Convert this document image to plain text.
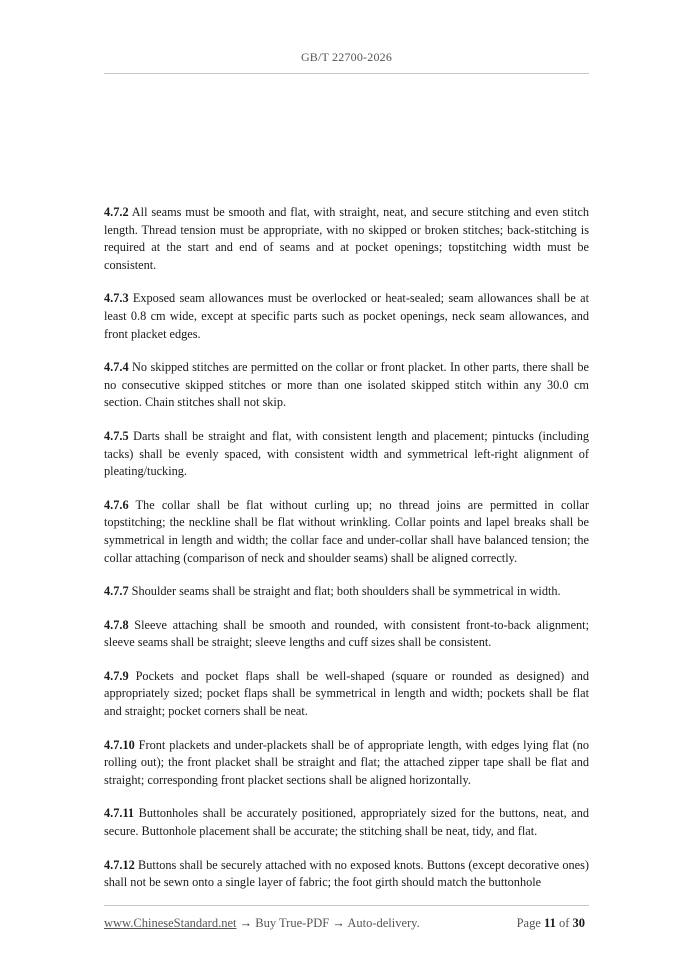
GB/T 22700-2026

4.7.2 All seams must be smooth and flat, with straight, neat, and secure stitching and even stitch length. Thread tension must be appropriate, with no skipped or broken stitches; back-stitching is required at the start and end of seams and at pocket openings; topstitching width must be consistent.

4.7.3 Exposed seam allowances must be overlocked or heat-sealed; seam allowances shall be at least 0.8 cm wide, except at specific parts such as pocket openings, neck seam allowances, and front placket edges.

4.7.4 No skipped stitches are permitted on the collar or front placket. In other parts, there shall be no consecutive skipped stitches or more than one isolated skipped stitch within any 30.0 cm section. Chain stitches shall not skip.

4.7.5 Darts shall be straight and flat, with consistent length and placement; pintucks (including tacks) shall be evenly spaced, with consistent width and symmetrical left-right alignment of pleating/tucking.

4.7.6 The collar shall be flat without curling up; no thread joins are permitted in collar topstitching; the neckline shall be flat without wrinkling. Collar points and lapel breaks shall be symmetrical in length and width; the collar face and under-collar shall have balanced tension; the collar attaching (comparison of neck and shoulder seams) shall be aligned correctly.

4.7.7 Shoulder seams shall be straight and flat; both shoulders shall be symmetrical in width.

4.7.8 Sleeve attaching shall be smooth and rounded, with consistent front-to-back alignment; sleeve seams shall be straight; sleeve lengths and cuff sizes shall be consistent.

4.7.9 Pockets and pocket flaps shall be well-shaped (square or rounded as designed) and appropriately sized; pocket flaps shall be symmetrical in length and width; pockets shall be flat and straight; pocket corners shall be neat.

4.7.10 Front plackets and under-plackets shall be of appropriate length, with edges lying flat (no rolling out); the front placket shall be straight and flat; the attached zipper tape shall be flat and straight; corresponding front placket sections shall be aligned horizontally.

4.7.11 Buttonholes shall be accurately positioned, appropriately sized for the buttons, neat, and secure. Buttonhole placement shall be accurate; the stitching shall be neat, tidy, and flat.

4.7.12 Buttons shall be securely attached with no exposed knots. Buttons (except decorative ones) shall not be sewn onto a single layer of fabric; the foot girth should match the buttonhole

www.ChineseStandard.net → Buy True-PDF → Auto-delivery.	Page 11 of 30
